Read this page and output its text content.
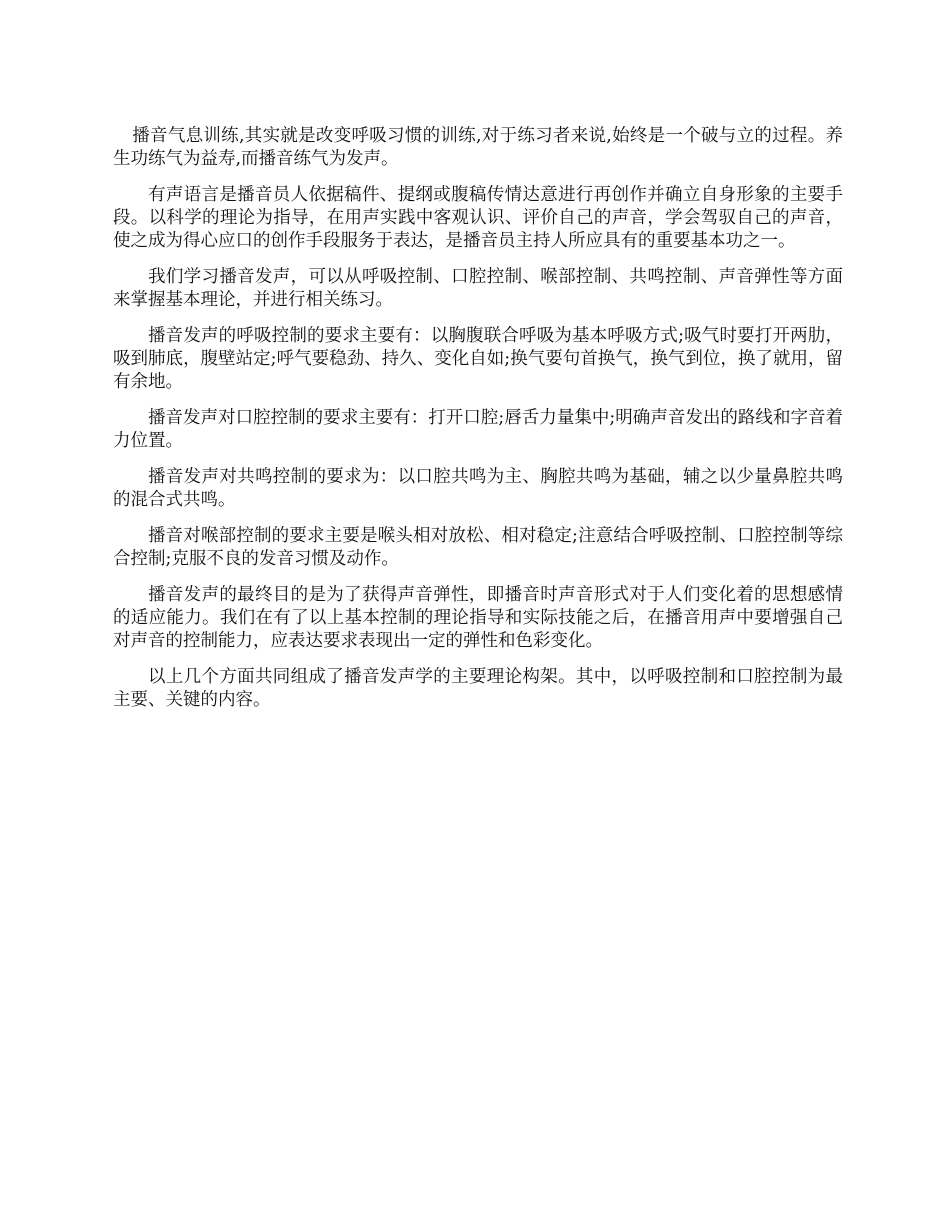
播音气息训练,其实就是改变呼吸习惯的训练,对于练习者来说,始终是一个破与立的过程。养生功练气为益寿,而播音练气为发声。

有声语言是播音员人依据稿件、提纲或腹稿传情达意进行再创作并确立自身形象的主要手段。以科学的理论为指导，在用声实践中客观认识、评价自己的声音，学会驾驭自己的声音，使之成为得心应口的创作手段服务于表达，是播音员主持人所应具有的重要基本功之一。

我们学习播音发声，可以从呼吸控制、口腔控制、喉部控制、共鸣控制、声音弹性等方面来掌握基本理论，并进行相关练习。

播音发声的呼吸控制的要求主要有：以胸腹联合呼吸为基本呼吸方式;吸气时要打开两肋，吸到肺底，腹壁站定;呼气要稳劲、持久、变化自如;换气要句首换气，换气到位，换了就用，留有余地。

播音发声对口腔控制的要求主要有：打开口腔;唇舌力量集中;明确声音发出的路线和字音着力位置。

播音发声对共鸣控制的要求为：以口腔共鸣为主、胸腔共鸣为基础，辅之以少量鼻腔共鸣的混合式共鸣。

播音对喉部控制的要求主要是喉头相对放松、相对稳定;注意结合呼吸控制、口腔控制等综合控制;克服不良的发音习惯及动作。

播音发声的最终目的是为了获得声音弹性，即播音时声音形式对于人们变化着的思想感情的适应能力。我们在有了以上基本控制的理论指导和实际技能之后，在播音用声中要增强自己对声音的控制能力，应表达要求表现出一定的弹性和色彩变化。

以上几个方面共同组成了播音发声学的主要理论构架。其中，以呼吸控制和口腔控制为最主要、关键的内容。
